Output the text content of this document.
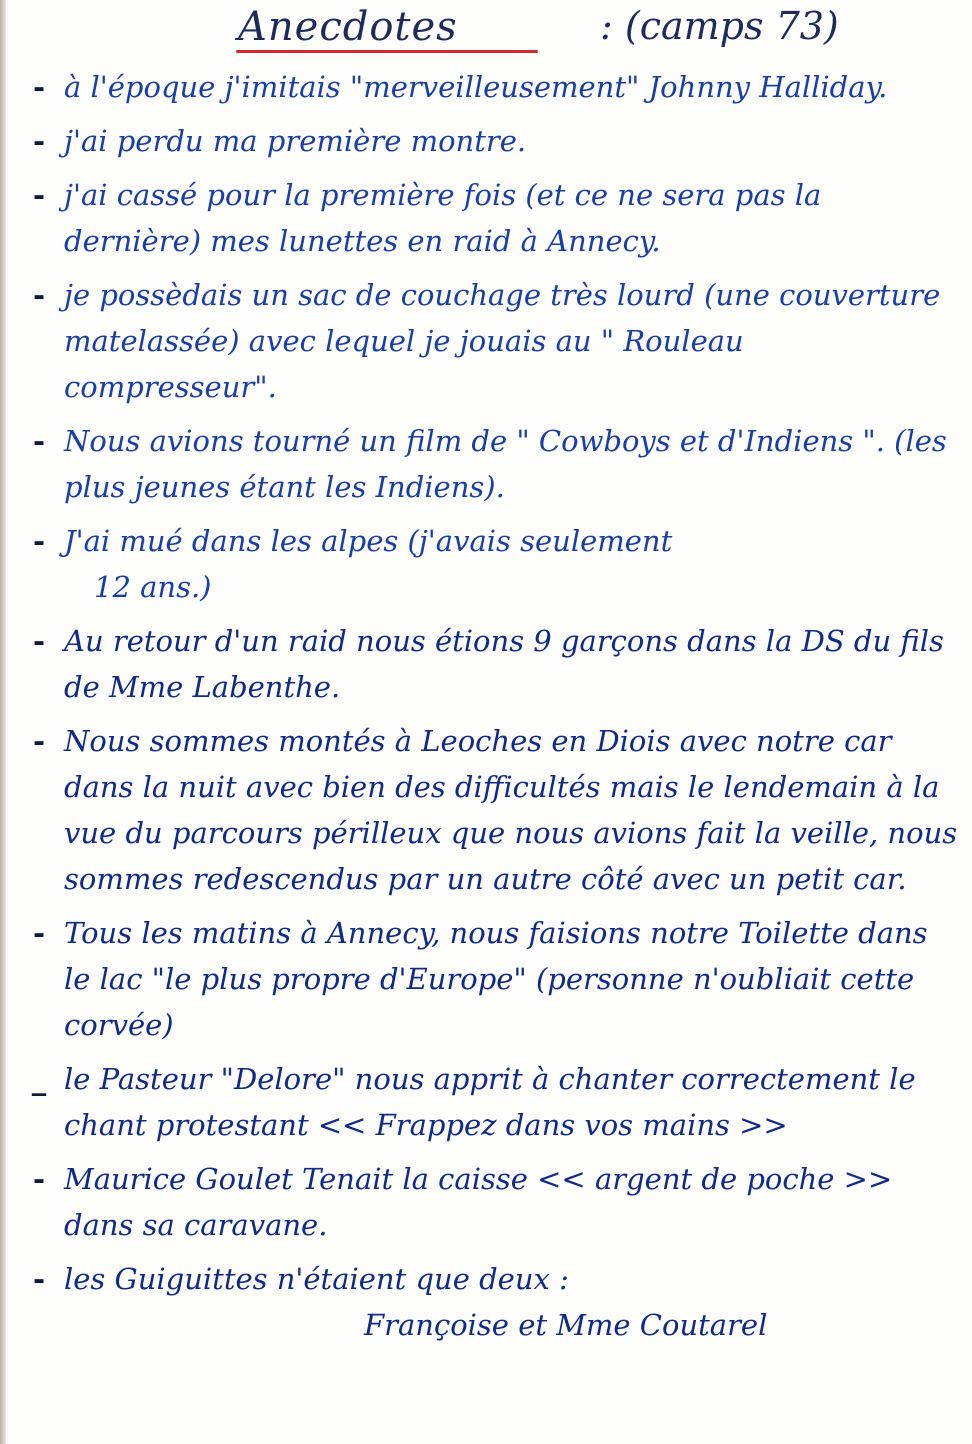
Anecdotes	: (camps 73)
- à l'époque j'imitais "merveilleusement" Johnny Halliday.
- j'ai perdu ma première montre.
- j'ai cassé pour la première fois (et ce ne sera pas la dernière) mes lunettes en raid à Annecy.
- je possèdais un sac de couchage très lourd (une couverture matelassée) avec lequel je jouais au " Rouleau compresseur".
- Nous avions tourné un film de " Cowboys et d'Indiens ". (les plus jeunes étant les Indiens).
- J'ai mué dans les alpes (j'avais seulement
12 ans.)
- Au retour d'un raid nous étions 9 garçons dans la DS du fils de Mme Labenthe.
- Nous sommes montés à Leoches en Diois avec notre car dans la nuit avec bien des difficultés mais le lendemain à la vue du parcours périlleux que nous avions fait la veille, nous sommes redescendus par un autre côté avec un petit car.
- Tous les matins à Annecy, nous faisions notre Toilette dans le lac "le plus propre d'Europe" (personne n'oubliait cette corvée)
_ le Pasteur "Delore" nous apprit à chanter correctement le chant protestant << Frappez dans vos mains >>
- Maurice Goulet Tenait la caisse << argent de poche >> dans sa caravane.
- les Guiguittes n'étaient que deux :
Françoise et Mme Coutarel
